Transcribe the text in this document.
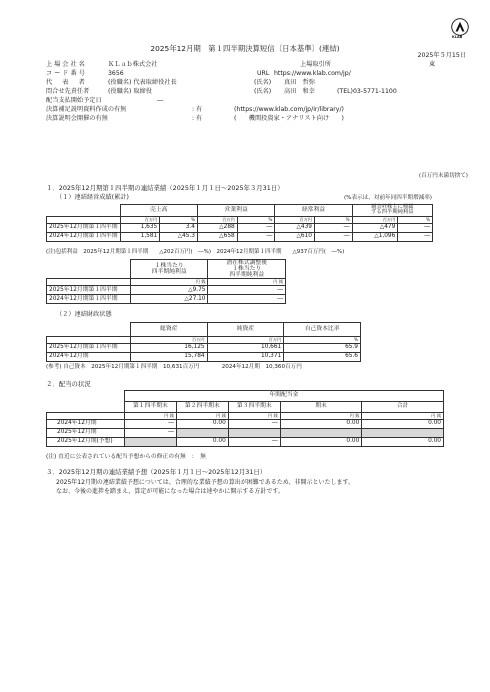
KLAB
2025年12月期　第１四半期決算短信〔日本基準〕(連結)
2025年５月15日
上 場 会 社 名	ＫＬａｂ株式会社	上場取引所	東
コ ー ド 番 号	3656	URL https://www.klab.com/jp/
代 　 表 　 者	(役職名) 代表取締役社長	(氏名) 真田　哲弥
問合せ先責任者	(役職名) 取締役	(氏名) 高田　和幸	(TEL)03-5771-1100
配当支払開始予定日	―
決算補足説明資料作成の有無	: 有	(https://www.klab.com/jp/ir/library/)
決算説明会開催の有無	: 有	(　　機関投資家・アナリスト向け　　)
(百万円未満切捨て)
１．2025年12月期第１四半期の連結業績（2025年１月１日～2025年３月31日）
（１）連結経営成績(累計)	(%表示は、対前年同四半期増減率)
	売上高		営業利益		経常利益		親会社株主に帰属
する四半期純利益	
	百万円	%	百万円	%	百万円	%	百万円	%
2025年12月期第１四半期	1,635	3.4	△288	―	△439	―	△479	―
2024年12月期第１四半期	1,581	△45.3	△658	―	△610	―	△1,096	―
(注)包括利益　2025年12月期第１四半期　　△202百万円(　―%)　2024年12月期第１四半期　　△937百万円(　―%)
	１株当たり
四半期純利益	潜在株式調整後
１株当たり
四半期純利益
	円 銭	円 銭
2025年12月期第１四半期	△9.75	―
2024年12月期第１四半期	△27.10	―
（２）連結財政状態
	総資産	純資産	自己資本比率
	百万円	百万円	%
2025年12月期第１四半期	16,125	10,661	65.9
2024年12月期	15,784	10,371	65.6
(参考) 自己資本　2025年12月期第１四半期　10,631百万円　　　　2024年12月期　10,360百万円
２．配当の状況
	年間配当金				
	第１四半期末	第２四半期末	第３四半期末	期末	合計
	円 銭	円 銭	円 銭	円 銭	円 銭
2024年12月期	―	0.00	―	0.00	0.00
2025年12月期	―				
2025年12月期(予想)		0.00	―	0.00	0.00
(注) 直近に公表されている配当予想からの修正の有無　：　無
３．2025年12月期の連結業績予想（2025年１月１日～2025年12月31日）
2025年12月期の連結業績予想については、合理的な業績予想の算出が困難であるため、非開示といたします。
なお、今後の進捗を踏まえ、算定が可能になった場合は速やかに開示する方針です。
